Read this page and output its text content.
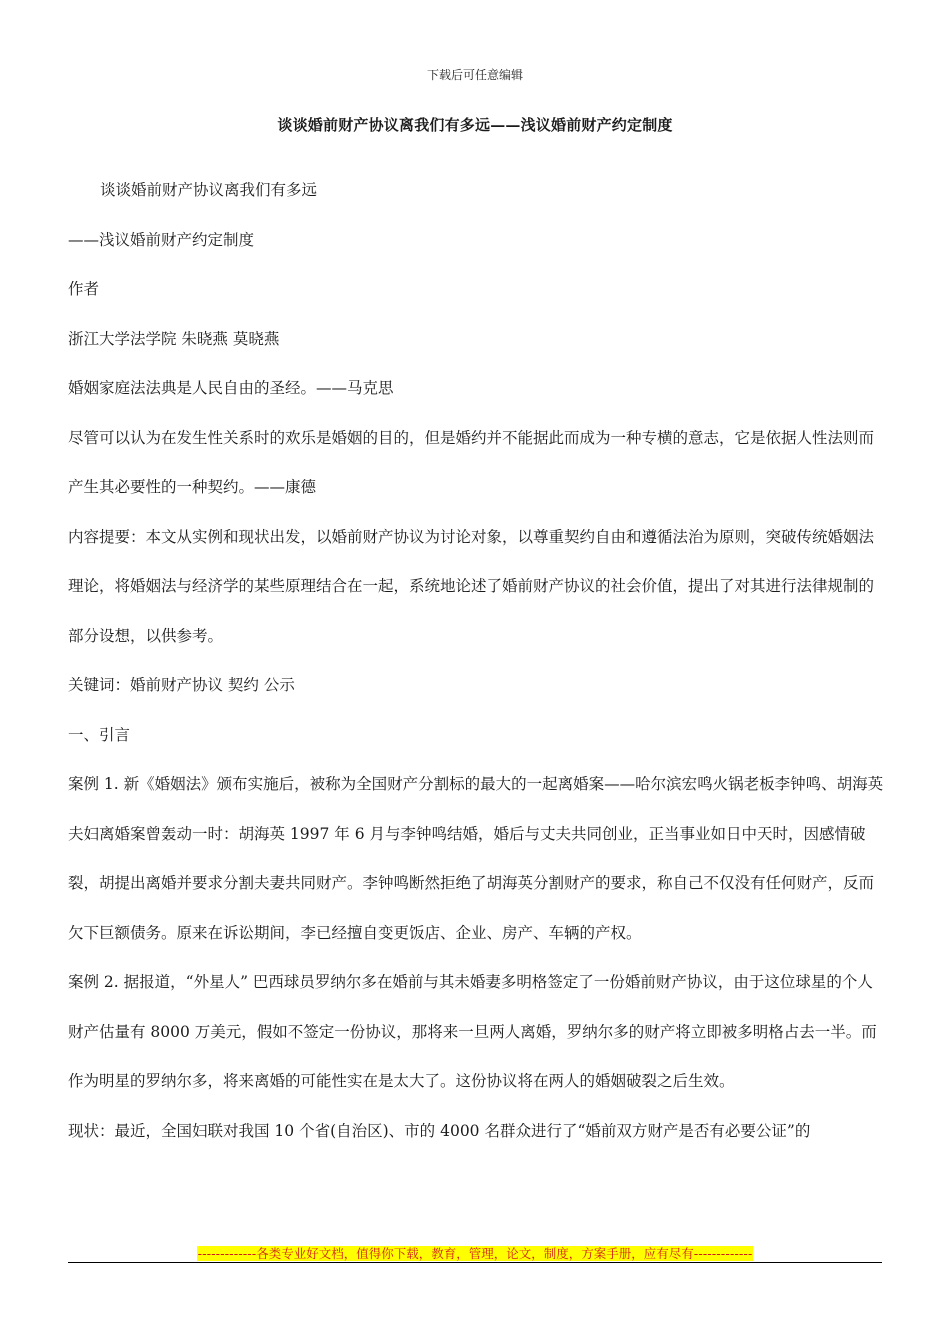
下载后可任意编辑
谈谈婚前财产协议离我们有多远——浅议婚前财产约定制度

谈谈婚前财产协议离我们有多远

——浅议婚前财产约定制度

作者

浙江大学法学院 朱晓燕 莫晓燕

婚姻家庭法法典是人民自由的圣经。——马克思

尽管可以认为在发生性关系时的欢乐是婚姻的目的，但是婚约并不能据此而成为一种专横的意志，它是依据人性法则而产生其必要性的一种契约。——康德

内容提要：本文从实例和现状出发，以婚前财产协议为讨论对象，以尊重契约自由和遵循法治为原则，突破传统婚姻法理论，将婚姻法与经济学的某些原理结合在一起，系统地论述了婚前财产协议的社会价值，提出了对其进行法律规制的部分设想，以供参考。

关键词：婚前财产协议 契约 公示

一、引言

案例 1. 新《婚姻法》颁布实施后，被称为全国财产分割标的最大的一起离婚案——哈尔滨宏鸣火锅老板李钟鸣、胡海英夫妇离婚案曾轰动一时：胡海英 1997 年 6 月与李钟鸣结婚，婚后与丈夫共同创业，正当事业如日中天时，因感情破裂，胡提出离婚并要求分割夫妻共同财产。李钟鸣断然拒绝了胡海英分割财产的要求，称自己不仅没有任何财产，反而欠下巨额债务。原来在诉讼期间，李已经擅自变更饭店、企业、房产、车辆的产权。

案例 2. 据报道，“外星人” 巴西球员罗纳尔多在婚前与其未婚妻多明格签定了一份婚前财产协议，由于这位球星的个人财产估量有 8000 万美元，假如不签定一份协议，那将来一旦两人离婚，罗纳尔多的财产将立即被多明格占去一半。而作为明星的罗纳尔多，将来离婚的可能性实在是太大了。这份协议将在两人的婚姻破裂之后生效。

现状：最近，全国妇联对我国 10 个省(自治区)、市的 4000 名群众进行了“婚前双方财产是否有必要公证”的

-------------各类专业好文档，值得你下载，教育，管理，论文，制度，方案手册，应有尽有-------------
